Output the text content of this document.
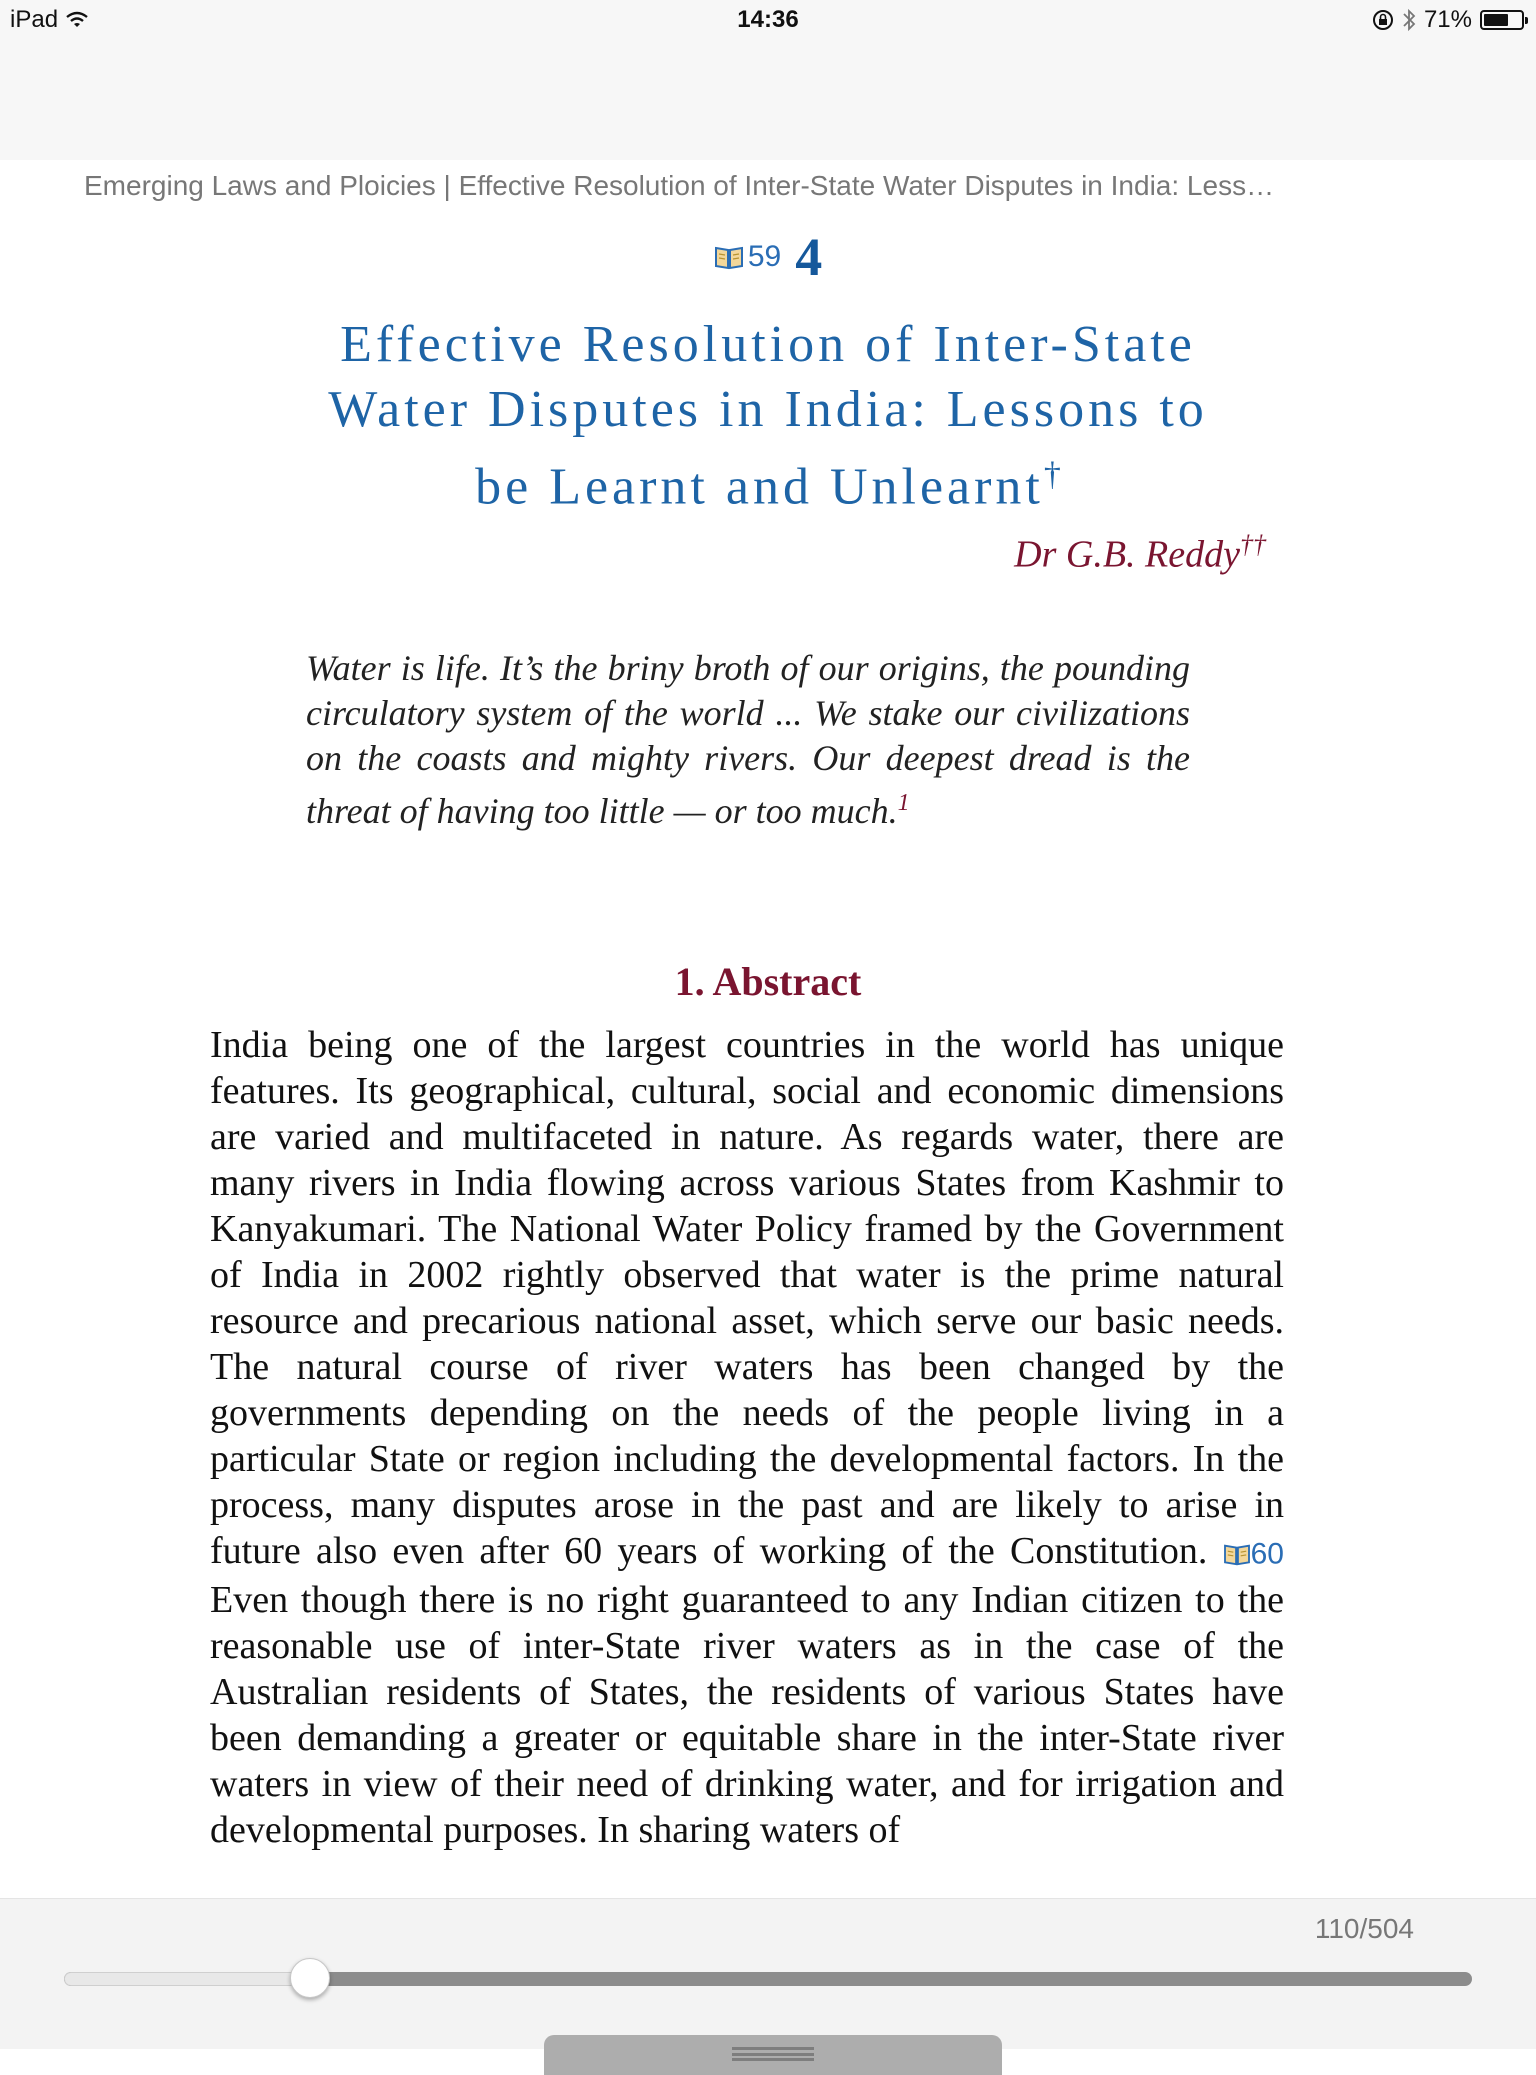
iPad	14:36	71%
Emerging Laws and Ploicies | Effective Resolution of Inter-State Water Disputes in India: Less…
59 4
Effective Resolution of Inter-State
Water Disputes in India: Lessons to
be Learnt and Unlearnt†
Dr G.B. Reddy††

Water is life. It’s the briny broth of our origins, the pounding circulatory system of the world ... We stake our civilizations on the coasts and mighty rivers. Our deepest dread is the threat of having too little — or too much.$^1$

1. Abstract

India being one of the largest countries in the world has unique features. Its geographical, cultural, social and economic dimensions are varied and multifaceted in nature. As regards water, there are many rivers in India flowing across various States from Kashmir to Kanyakumari. The National Water Policy framed by the Government of India in 2002 rightly observed that water is the prime natural resource and precarious national asset, which serve our basic needs. The natural course of river waters has been changed by the governments depending on the needs of the people living in a particular State or region including the developmental factors. In the process, many disputes arose in the past and are likely to arise in future also even after 60 years of working of the Constitution. 60 Even though there is no right guaranteed to any Indian citizen to the reasonable use of inter-State river waters as in the case of the Australian residents of States, the residents of various States have been demanding a greater or equitable share in the inter-State river waters in view of their need of drinking water, and for irrigation and developmental purposes. In sharing waters of

110/504
